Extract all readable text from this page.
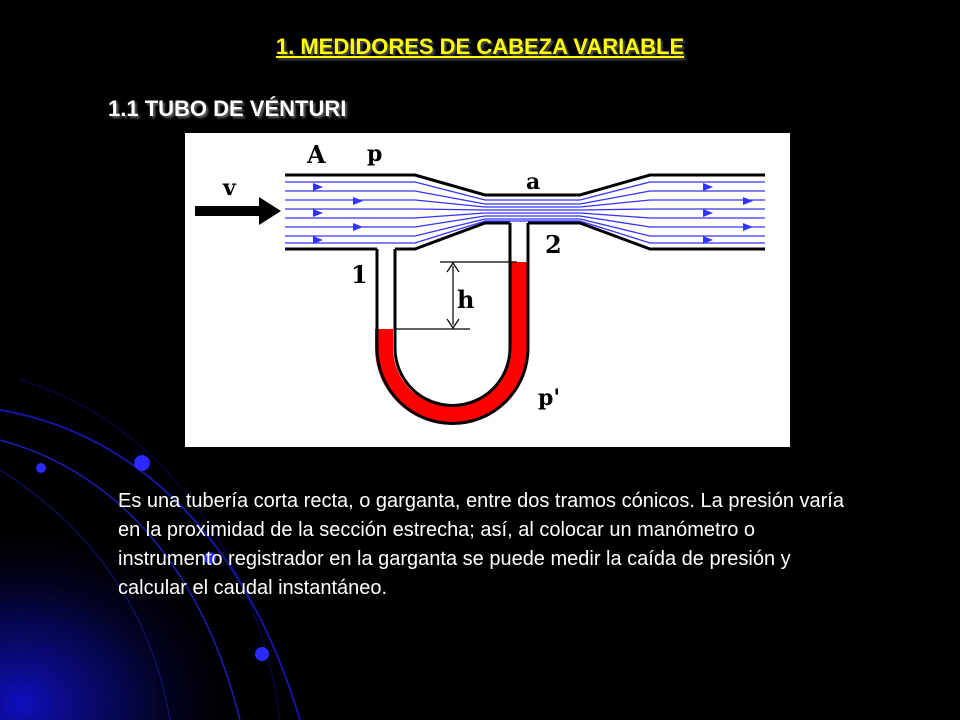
1. MEDIDORES DE CABEZA VARIABLE
1.1 TUBO DE VÉNTURI
A p
v	a
1
2
h
p'
Es una tubería corta recta, o garganta, entre dos tramos cónicos. La presión varía en la proximidad de la sección estrecha; así, al colocar un manómetro o instrumento registrador en la garganta se puede medir la caída de presión y calcular el caudal instantáneo.
